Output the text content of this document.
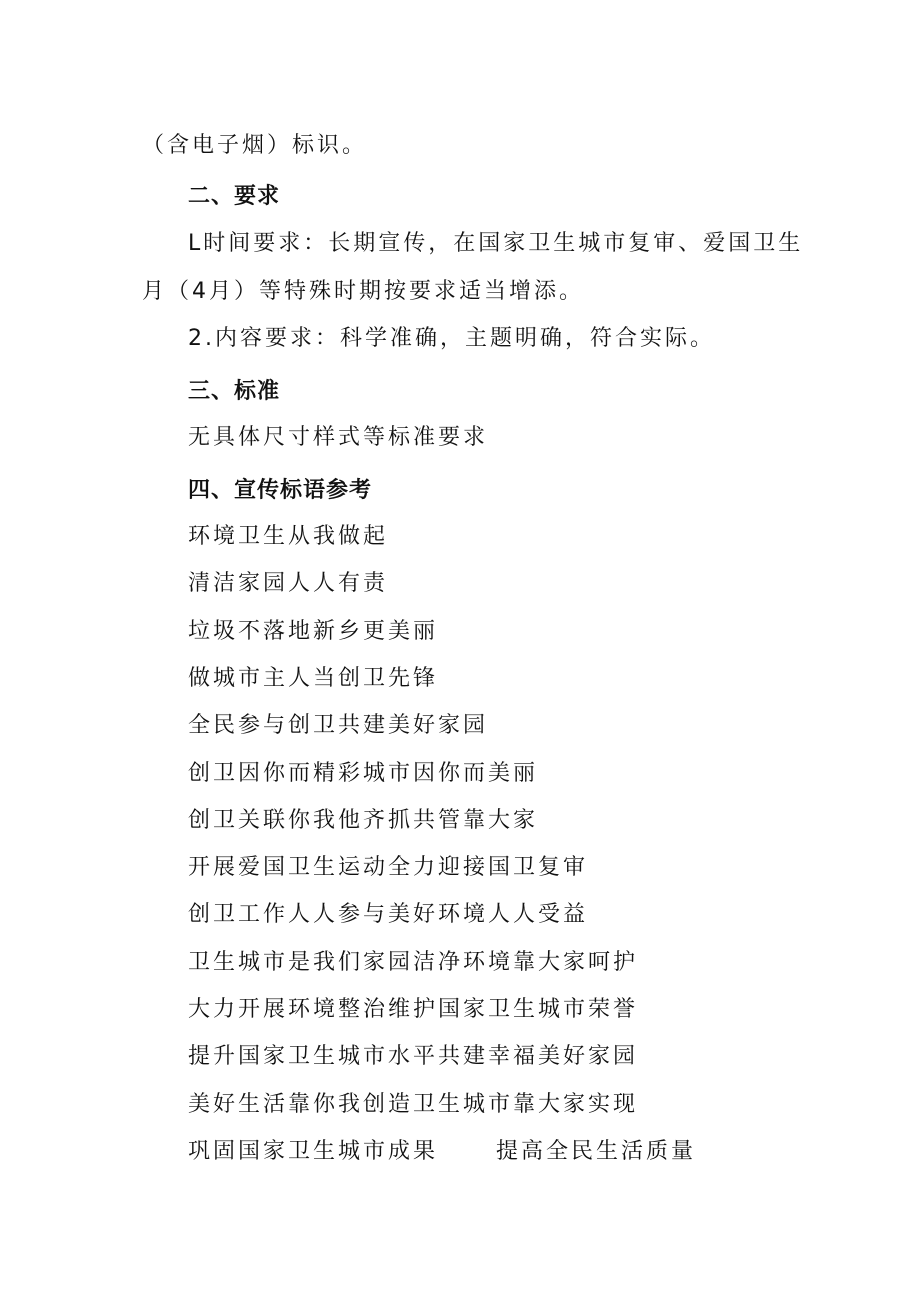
（含电子烟）标识。
二、要求
L时间要求：长期宣传，在国家卫生城市复审、爱国卫生
月（4月）等特殊时期按要求适当增添。
2.内容要求：科学准确，主题明确，符合实际。
三、标准
无具体尺寸样式等标准要求
四、宣传标语参考
环境卫生从我做起
清洁家园人人有责
垃圾不落地新乡更美丽
做城市主人当创卫先锋
全民参与创卫共建美好家园
创卫因你而精彩城市因你而美丽
创卫关联你我他齐抓共管靠大家
开展爱国卫生运动全力迎接国卫复审
创卫工作人人参与美好环境人人受益
卫生城市是我们家园洁净环境靠大家呵护
大力开展环境整治维护国家卫生城市荣誉
提升国家卫生城市水平共建幸福美好家园
美好生活靠你我创造卫生城市靠大家实现
巩固国家卫生城市成果	提高全民生活质量
